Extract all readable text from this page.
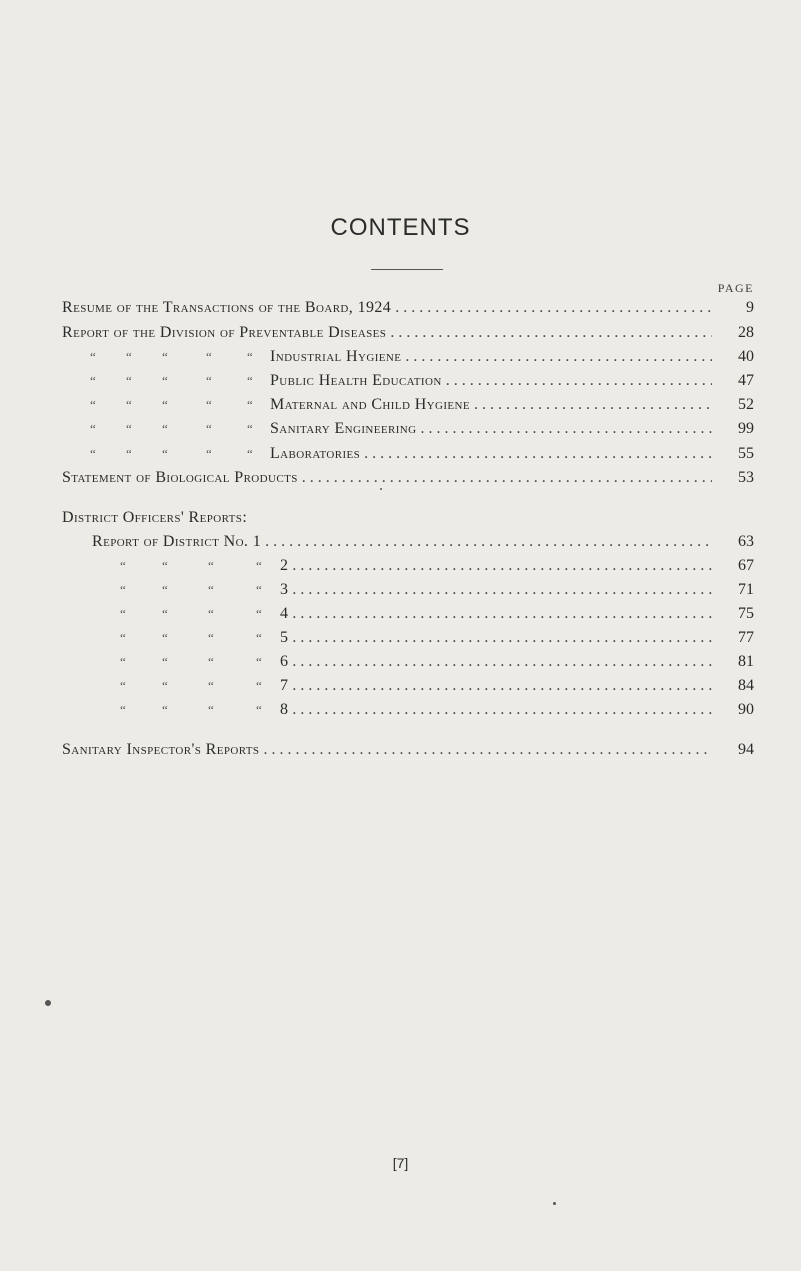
CONTENTS
PAGE
Resume of the Transactions of the Board, 1924 . . .	9
Report of the Division of Preventable Diseases . . .	28
“ “ “	“	“ Industrial Hygiene . . .	40
“ “ “	“	“ Public Health Education . . .	47
“ “ “	“	“ Maternal and Child Hygiene . . .	52
“ “ “	“	“ Sanitary Engineering . . .	99
“ “ “	“	“ Laboratories . . .	55
Statement of Biological Products . . .	53
District Officers' Reports:
Report of District No. 1 . . .	63
“	“	“	“ 2 . . .	67
“	“	“	“ 3 . . .	71
“	“	“	“ 4 . . .	75
“	“	“	“ 5 . . .	77
“	“	“	“ 6 . . .	81
“	“	“	“ 7 . . .	84
“	“	“	“ 8 . . .	90
Sanitary Inspector's Reports . . .	94
[7]
